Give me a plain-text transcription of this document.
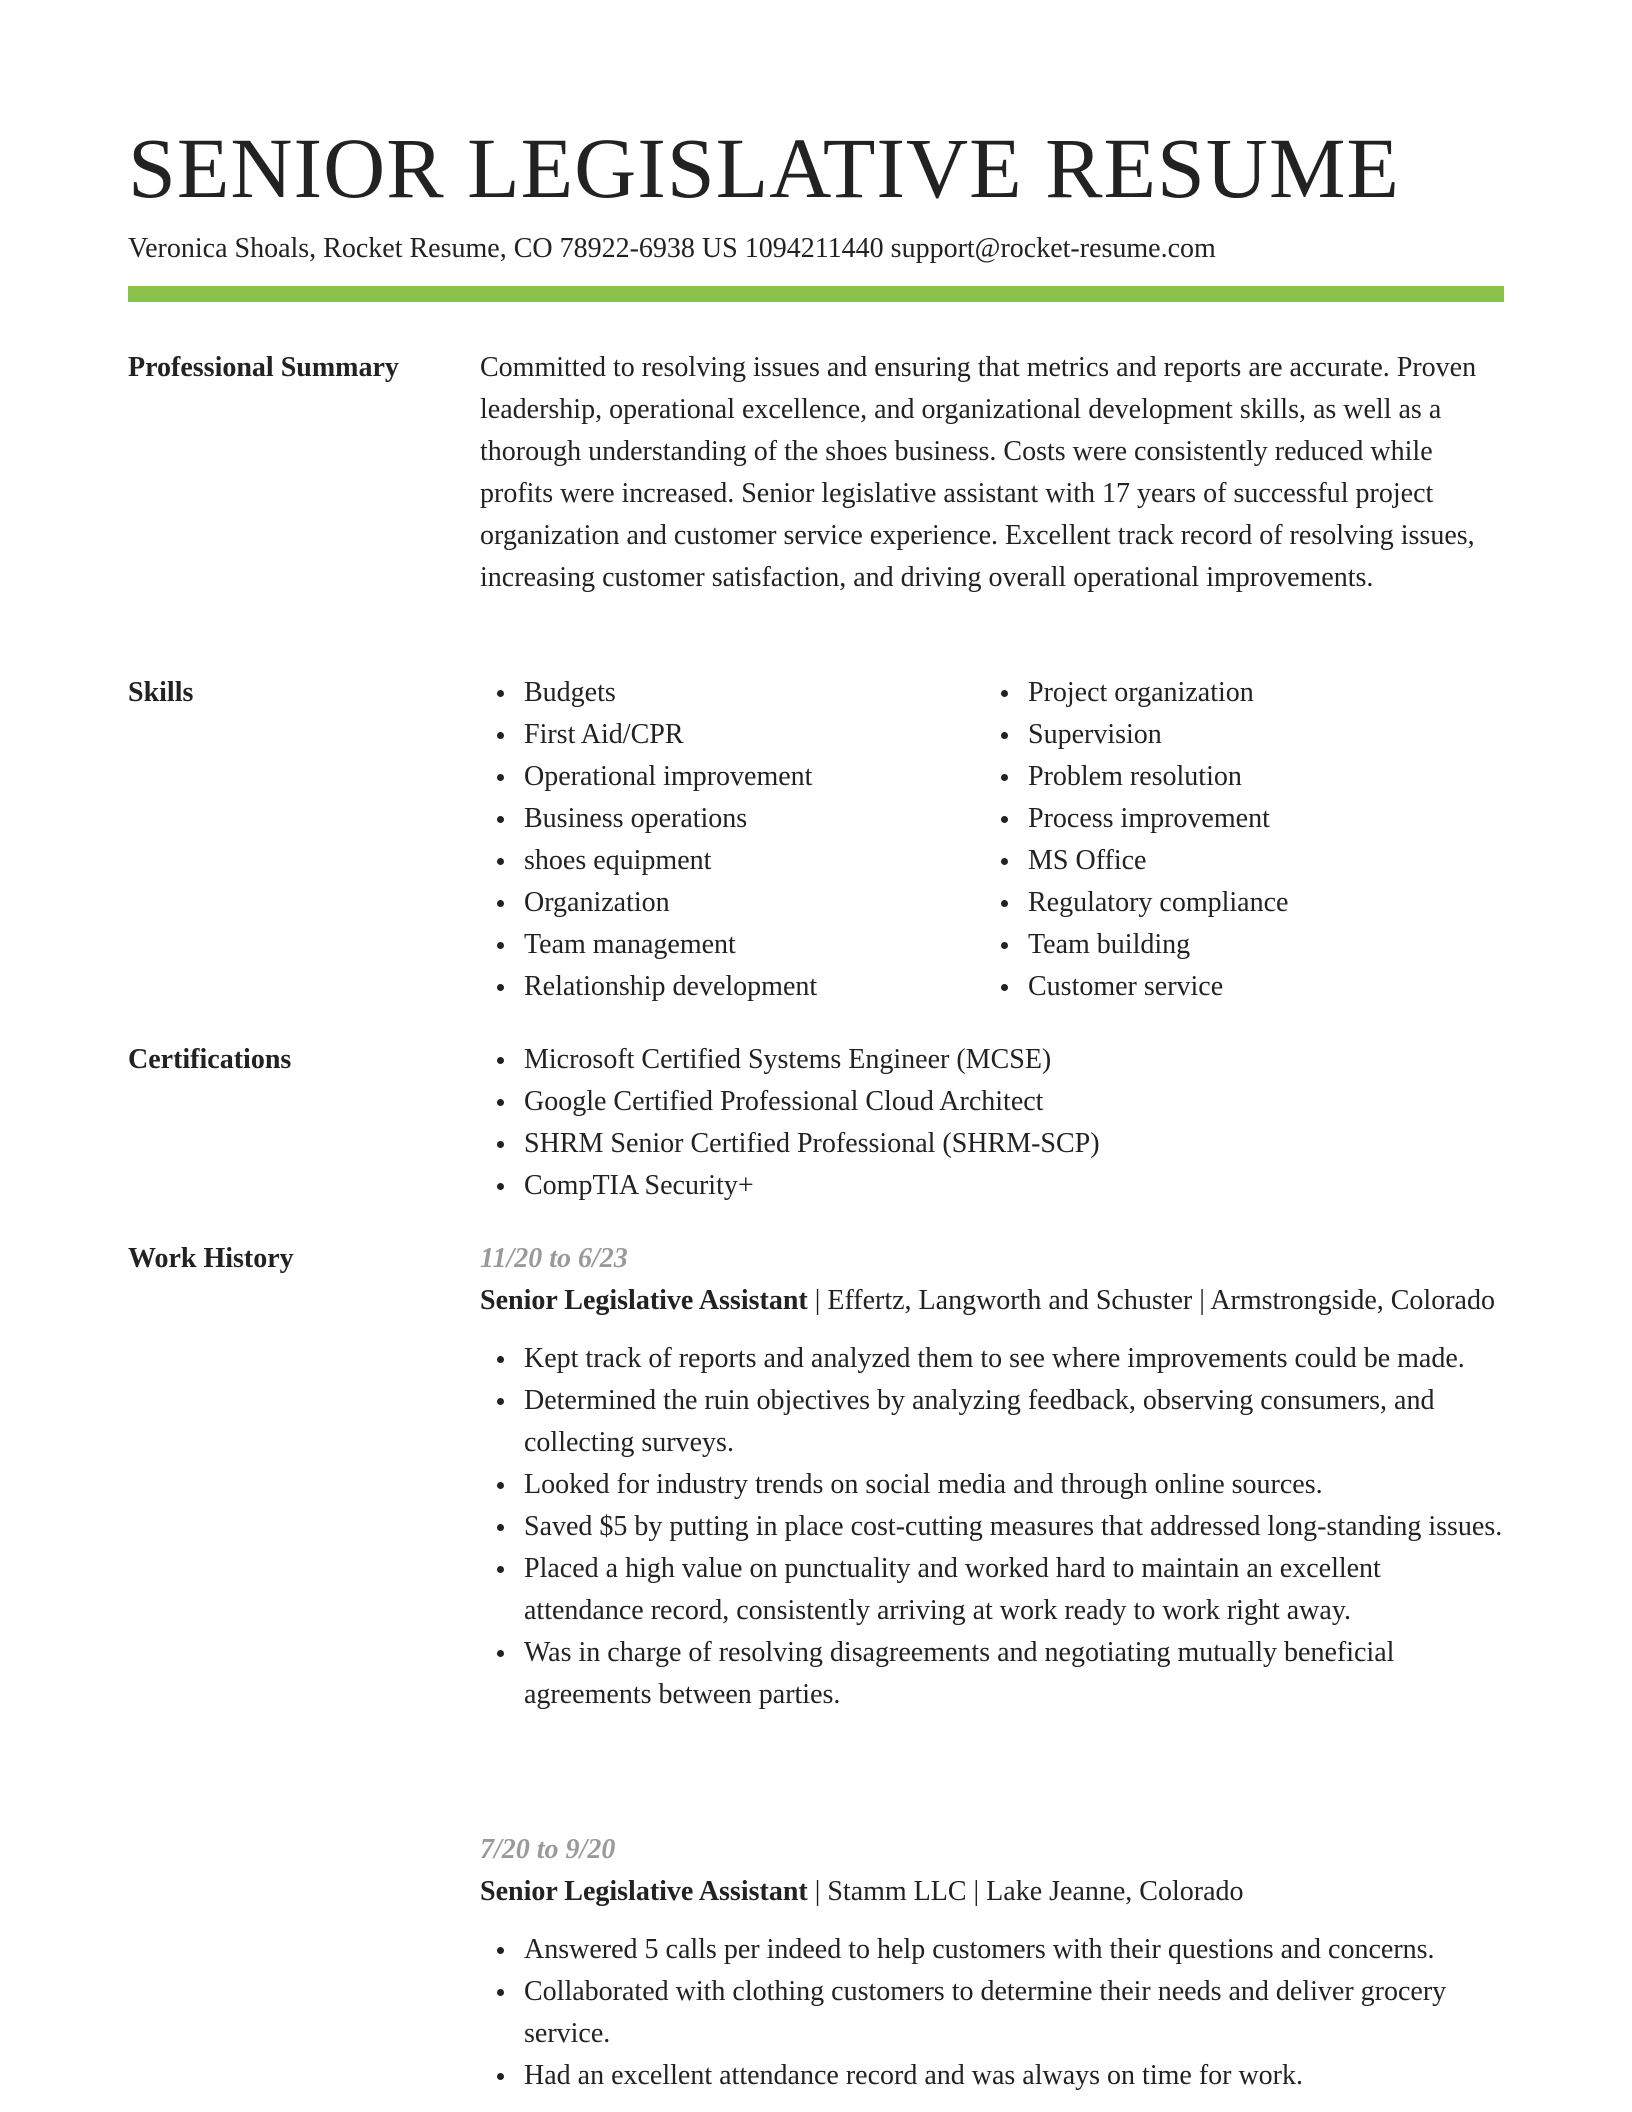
SENIOR LEGISLATIVE RESUME
Veronica Shoals, Rocket Resume, CO 78922-6938 US 1094211440 support@rocket-resume.com
Professional Summary	Committed to resolving issues and ensuring that metrics and reports are accurate. Proven leadership, operational excellence, and organizational development skills, as well as a thorough understanding of the shoes business. Costs were consistently reduced while profits were increased. Senior legislative assistant with 17 years of successful project organization and customer service experience. Excellent track record of resolving issues, increasing customer satisfaction, and driving overall operational improvements.

Skills	Budgets
First Aid/CPR
Operational improvement
Business operations
shoes equipment
Organization
Team management
Relationship development
Project organization
Supervision
Problem resolution
Process improvement
MS Office
Regulatory compliance
Team building
Customer service
Certifications	Microsoft Certified Systems Engineer (MCSE)
Google Certified Professional Cloud Architect
SHRM Senior Certified Professional (SHRM-SCP)
CompTIA Security+
Work History	11/20 to 6/23
Senior Legislative Assistant | Effertz, Langworth and Schuster | Armstrongside, Colorado
Kept track of reports and analyzed them to see where improvements could be made.
Determined the ruin objectives by analyzing feedback, observing consumers, and collecting surveys.
Looked for industry trends on social media and through online sources.
Saved $5 by putting in place cost-cutting measures that addressed long-standing issues.
Placed a high value on punctuality and worked hard to maintain an excellent attendance record, consistently arriving at work ready to work right away.
Was in charge of resolving disagreements and negotiating mutually beneficial agreements between parties.
7/20 to 9/20
Senior Legislative Assistant | Stamm LLC | Lake Jeanne, Colorado
Answered 5 calls per indeed to help customers with their questions and concerns.
Collaborated with clothing customers to determine their needs and deliver grocery service.
Had an excellent attendance record and was always on time for work.
